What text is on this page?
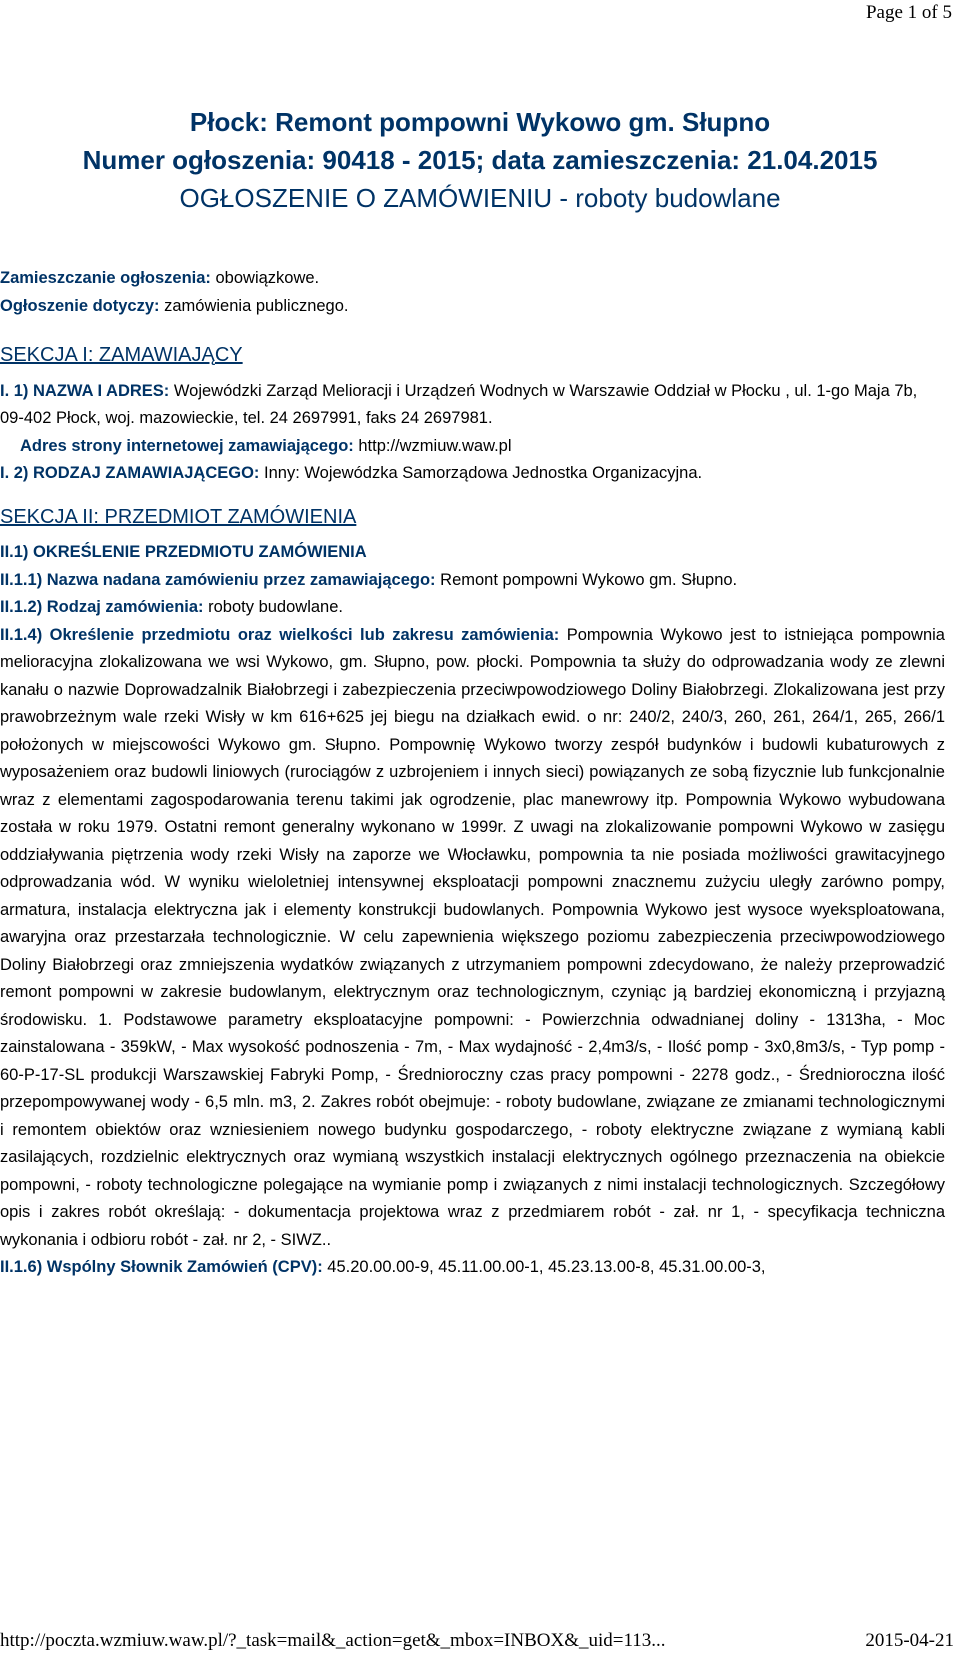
Page 1 of 5
Płock: Remont pompowni Wykowo gm. Słupno
Numer ogłoszenia: 90418 - 2015; data zamieszczenia: 21.04.2015
OGŁOSZENIE O ZAMÓWIENIU - roboty budowlane

Zamieszczanie ogłoszenia: obowiązkowe.

Ogłoszenie dotyczy: zamówienia publicznego.

SEKCJA I: ZAMAWIAJĄCY

I. 1) NAZWA I ADRES: Wojewódzki Zarząd Melioracji i Urządzeń Wodnych w Warszawie Oddział w Płocku , ul. 1-go Maja 7b, 09-402 Płock, woj. mazowieckie, tel. 24 2697991, faks 24 2697981.

Adres strony internetowej zamawiającego: http://wzmiuw.waw.pl

I. 2) RODZAJ ZAMAWIAJĄCEGO: Inny: Wojewódzka Samorządowa Jednostka Organizacyjna.

SEKCJA II: PRZEDMIOT ZAMÓWIENIA

II.1) OKREŚLENIE PRZEDMIOTU ZAMÓWIENIA

II.1.1) Nazwa nadana zamówieniu przez zamawiającego: Remont pompowni Wykowo gm. Słupno.

II.1.2) Rodzaj zamówienia: roboty budowlane.

II.1.4) Określenie przedmiotu oraz wielkości lub zakresu zamówienia: Pompownia Wykowo jest to istniejąca pompownia melioracyjna zlokalizowana we wsi Wykowo, gm. Słupno, pow. płocki. Pompownia ta służy do odprowadzania wody ze zlewni kanału o nazwie Doprowadzalnik Białobrzegi i zabezpieczenia przeciwpowodziowego Doliny Białobrzegi. Zlokalizowana jest przy prawobrzeżnym wale rzeki Wisły w km 616+625 jej biegu na działkach ewid. o nr: 240/2, 240/3, 260, 261, 264/1, 265, 266/1 położonych w miejscowości Wykowo gm. Słupno. Pompownię Wykowo tworzy zespół budynków i budowli kubaturowych z wyposażeniem oraz budowli liniowych (rurociągów z uzbrojeniem i innych sieci) powiązanych ze sobą fizycznie lub funkcjonalnie wraz z elementami zagospodarowania terenu takimi jak ogrodzenie, plac manewrowy itp. Pompownia Wykowo wybudowana została w roku 1979. Ostatni remont generalny wykonano w 1999r. Z uwagi na zlokalizowanie pompowni Wykowo w zasięgu oddziaływania piętrzenia wody rzeki Wisły na zaporze we Włocławku, pompownia ta nie posiada możliwości grawitacyjnego odprowadzania wód. W wyniku wieloletniej intensywnej eksploatacji pompowni znacznemu zużyciu uległy zarówno pompy, armatura, instalacja elektryczna jak i elementy konstrukcji budowlanych. Pompownia Wykowo jest wysoce wyeksploatowana, awaryjna oraz przestarzała technologicznie. W celu zapewnienia większego poziomu zabezpieczenia przeciwpowodziowego Doliny Białobrzegi oraz zmniejszenia wydatków związanych z utrzymaniem pompowni zdecydowano, że należy przeprowadzić remont pompowni w zakresie budowlanym, elektrycznym oraz technologicznym, czyniąc ją bardziej ekonomiczną i przyjazną środowisku. 1. Podstawowe parametry eksploatacyjne pompowni: - Powierzchnia odwadnianej doliny - 1313ha, - Moc zainstalowana - 359kW, - Max wysokość podnoszenia - 7m, - Max wydajność - 2,4m3/s, - Ilość pomp - 3x0,8m3/s, - Typ pomp - 60-P-17-SL produkcji Warszawskiej Fabryki Pomp, - Średnioroczny czas pracy pompowni - 2278 godz., - Średnioroczna ilość przepompowywanej wody - 6,5 mln. m3, 2. Zakres robót obejmuje: - roboty budowlane, związane ze zmianami technologicznymi i remontem obiektów oraz wzniesieniem nowego budynku gospodarczego, - roboty elektryczne związane z wymianą kabli zasilających, rozdzielnic elektrycznych oraz wymianą wszystkich instalacji elektrycznych ogólnego przeznaczenia na obiekcie pompowni, - roboty technologiczne polegające na wymianie pomp i związanych z nimi instalacji technologicznych. Szczegółowy opis i zakres robót określają: - dokumentacja projektowa wraz z przedmiarem robót - zał. nr 1, - specyfikacja techniczna wykonania i odbioru robót - zał. nr 2, - SIWZ..

II.1.6) Wspólny Słownik Zamówień (CPV): 45.20.00.00-9, 45.11.00.00-1, 45.23.13.00-8, 45.31.00.00-3,

http://poczta.wzmiuw.waw.pl/?_task=mail&_action=get&_mbox=INBOX&_uid=113...	2015-04-21
